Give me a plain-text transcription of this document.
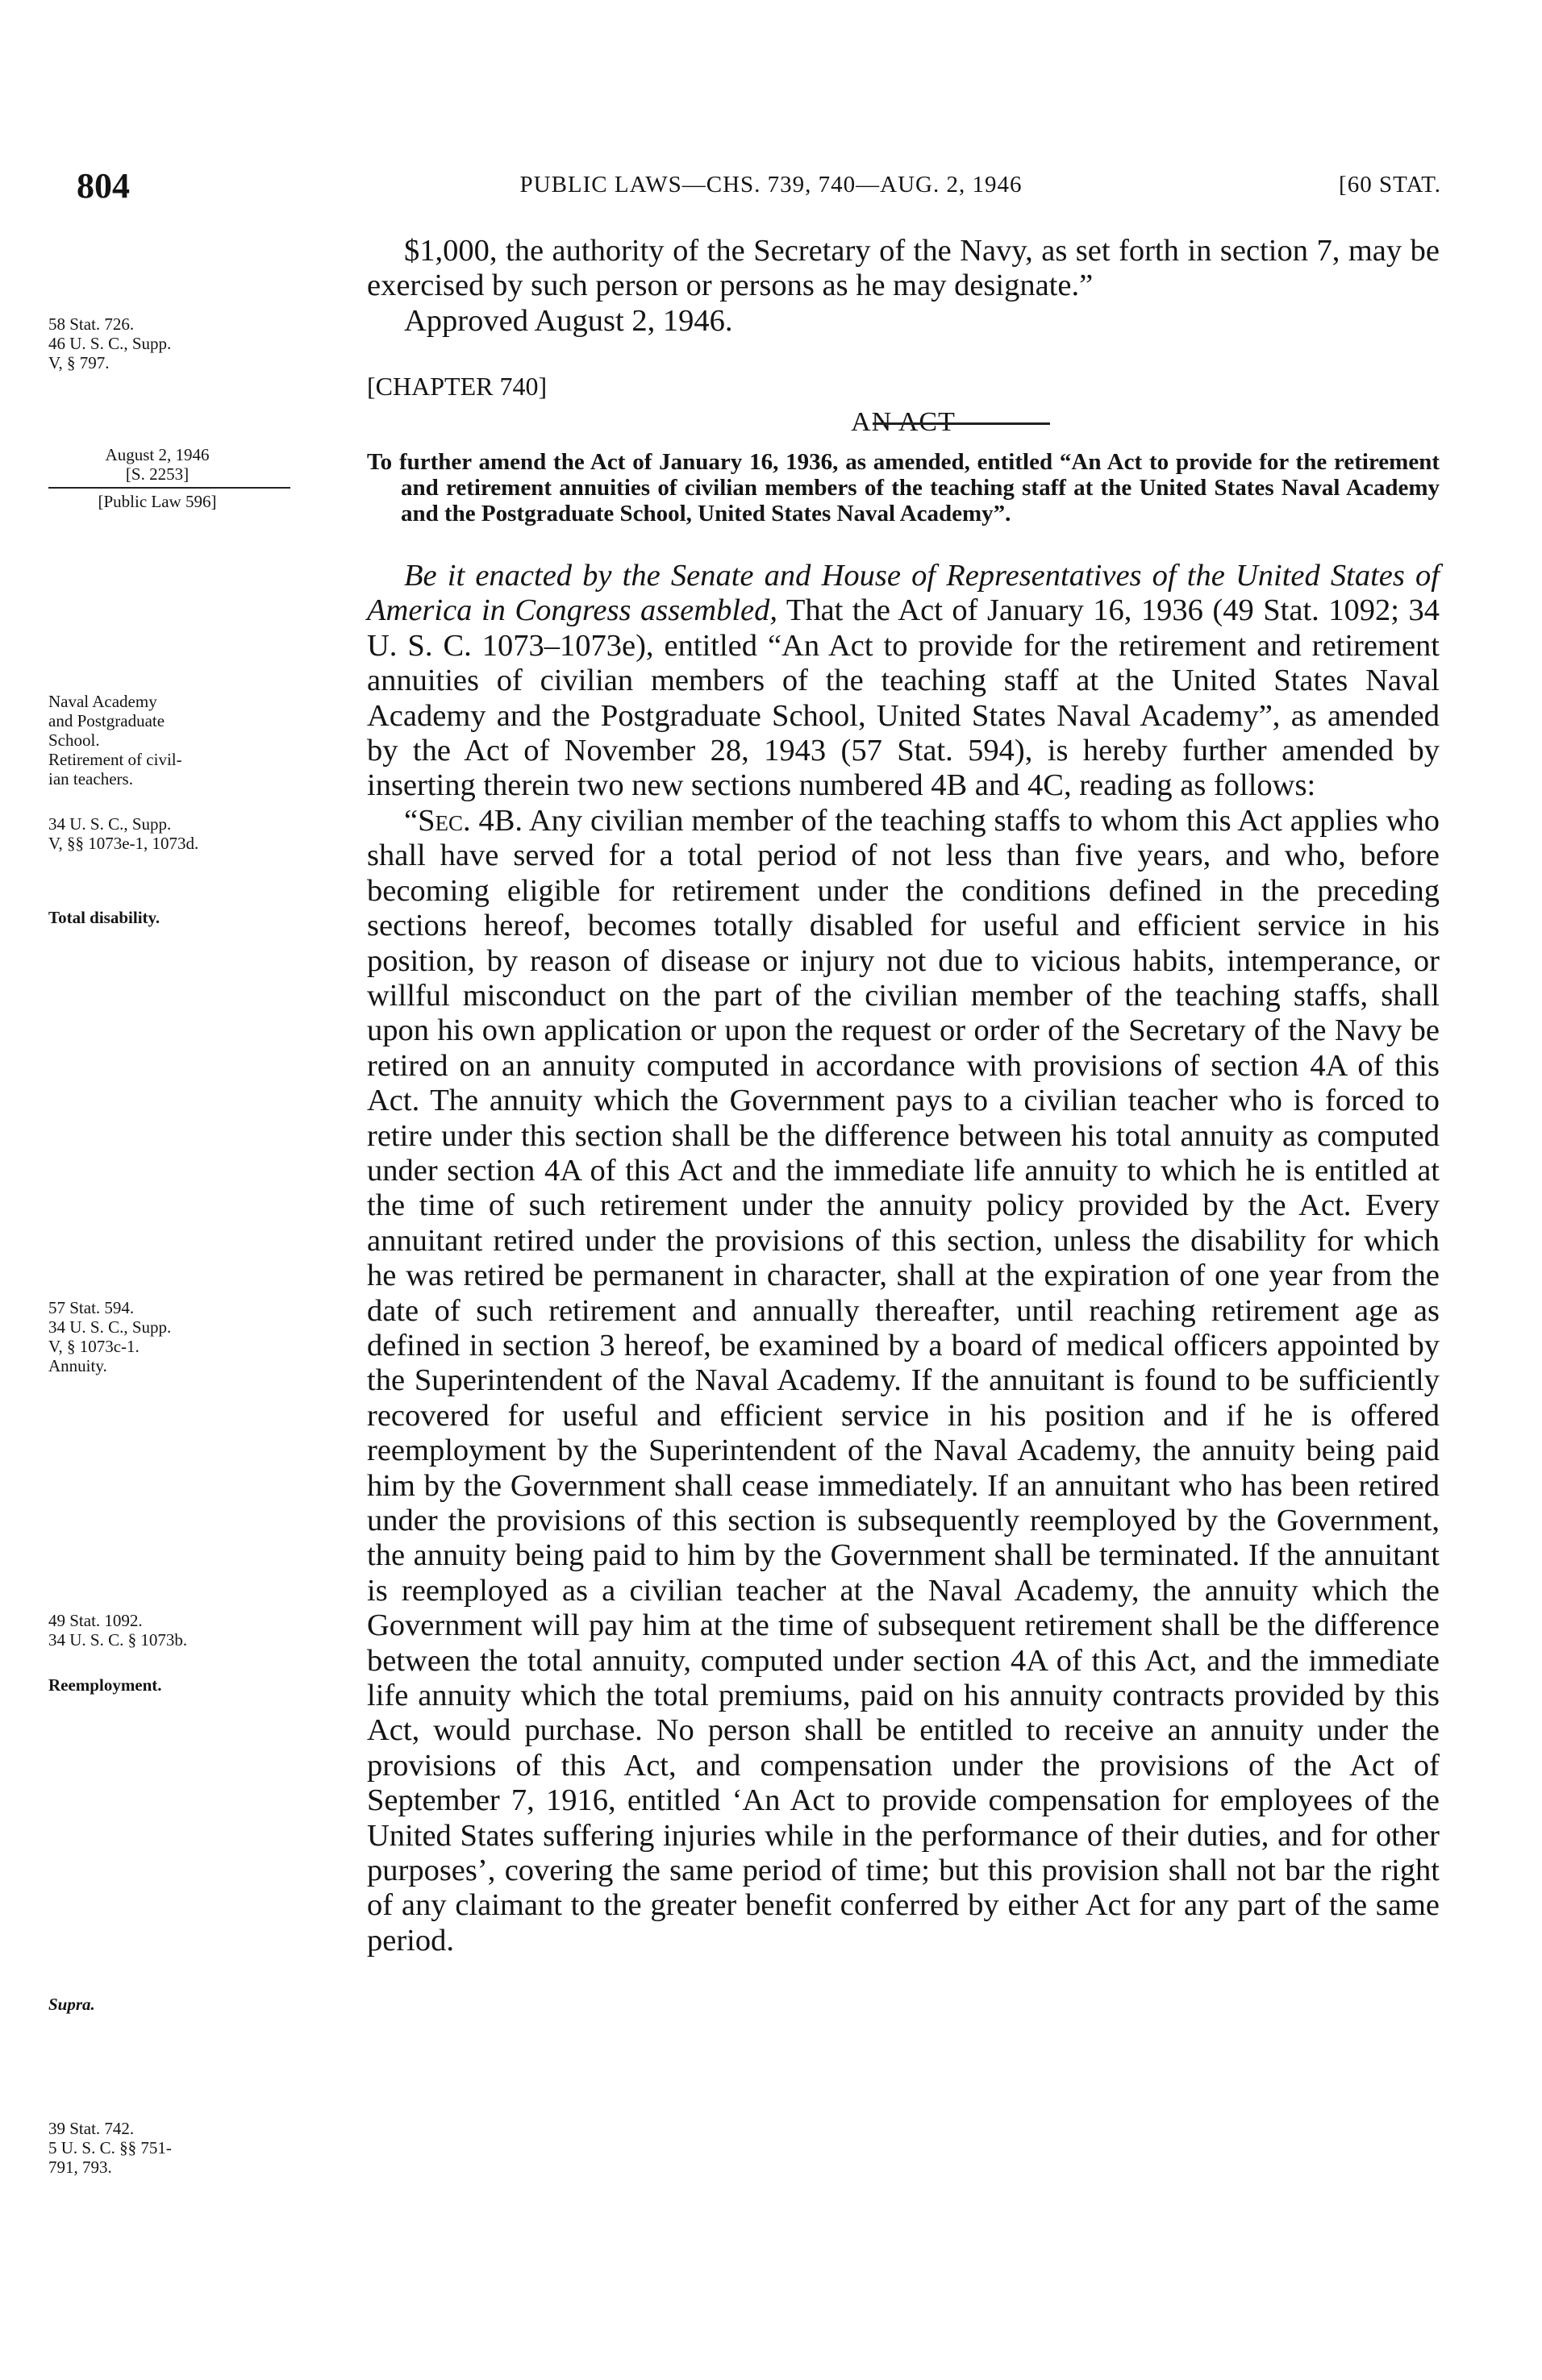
804	PUBLIC LAWS—CHS. 739, 740—AUG. 2, 1946	[60 STAT.
58 Stat. 726.
46 U. S. C., Supp.
V, § 797.
August 2, 1946
[S. 2253]
[Public Law 596]
Naval Academy
and Postgraduate
School.
Retirement of civil-
ian teachers.
34 U. S. C., Supp.
V, §§ 1073e-1, 1073d.
Total disability.
57 Stat. 594.
34 U. S. C., Supp.
V, § 1073c-1.
Annuity.
49 Stat. 1092.
34 U. S. C. § 1073b.
Reemployment.
Supra.
39 Stat. 742.
5 U. S. C. §§ 751-
791, 793.

$1,000, the authority of the Secretary of the Navy, as set forth in section 7, may be exercised by such person or persons as he may designate.”

Approved August 2, 1946.

[CHAPTER 740]
AN ACT
To further amend the Act of January 16, 1936, as amended, entitled “An Act to provide for the retirement and retirement annuities of civilian members of the teaching staff at the United States Naval Academy and the Postgraduate School, United States Naval Academy”.

Be it enacted by the Senate and House of Representatives of the United States of America in Congress assembled, That the Act of January 16, 1936 (49 Stat. 1092; 34 U. S. C. 1073–1073e), entitled “An Act to provide for the retirement and retirement annuities of civilian members of the teaching staff at the United States Naval Academy and the Postgraduate School, United States Naval Academy”, as amended by the Act of November 28, 1943 (57 Stat. 594), is hereby further amended by inserting therein two new sections numbered 4B and 4C, reading as follows:

“Sec. 4B. Any civilian member of the teaching staffs to whom this Act applies who shall have served for a total period of not less than five years, and who, before becoming eligible for retirement under the conditions defined in the preceding sections hereof, becomes totally disabled for useful and efficient service in his position, by reason of disease or injury not due to vicious habits, intemperance, or willful misconduct on the part of the civilian member of the teaching staffs, shall upon his own application or upon the request or order of the Secretary of the Navy be retired on an annuity computed in accordance with provisions of section 4A of this Act. The annuity which the Government pays to a civilian teacher who is forced to retire under this section shall be the difference between his total annuity as computed under section 4A of this Act and the immediate life annuity to which he is entitled at the time of such retirement under the annuity policy provided by the Act. Every annuitant retired under the provisions of this section, unless the disability for which he was retired be permanent in character, shall at the expiration of one year from the date of such retirement and annually thereafter, until reaching retirement age as defined in section 3 hereof, be examined by a board of medical officers appointed by the Superintendent of the Naval Academy. If the annuitant is found to be sufficiently recovered for useful and efficient service in his position and if he is offered reemployment by the Superintendent of the Naval Academy, the annuity being paid him by the Government shall cease immediately. If an annuitant who has been retired under the provisions of this section is subsequently reemployed by the Government, the annuity being paid to him by the Government shall be terminated. If the annuitant is reemployed as a civilian teacher at the Naval Academy, the annuity which the Government will pay him at the time of subsequent retirement shall be the difference between the total annuity, computed under section 4A of this Act, and the immediate life annuity which the total premiums, paid on his annuity contracts provided by this Act, would purchase. No person shall be entitled to receive an annuity under the provisions of this Act, and compensation under the provisions of the Act of September 7, 1916, entitled ‘An Act to provide compensation for employees of the United States suffering injuries while in the performance of their duties, and for other purposes’, covering the same period of time; but this provision shall not bar the right of any claimant to the greater benefit conferred by either Act for any part of the same period.
